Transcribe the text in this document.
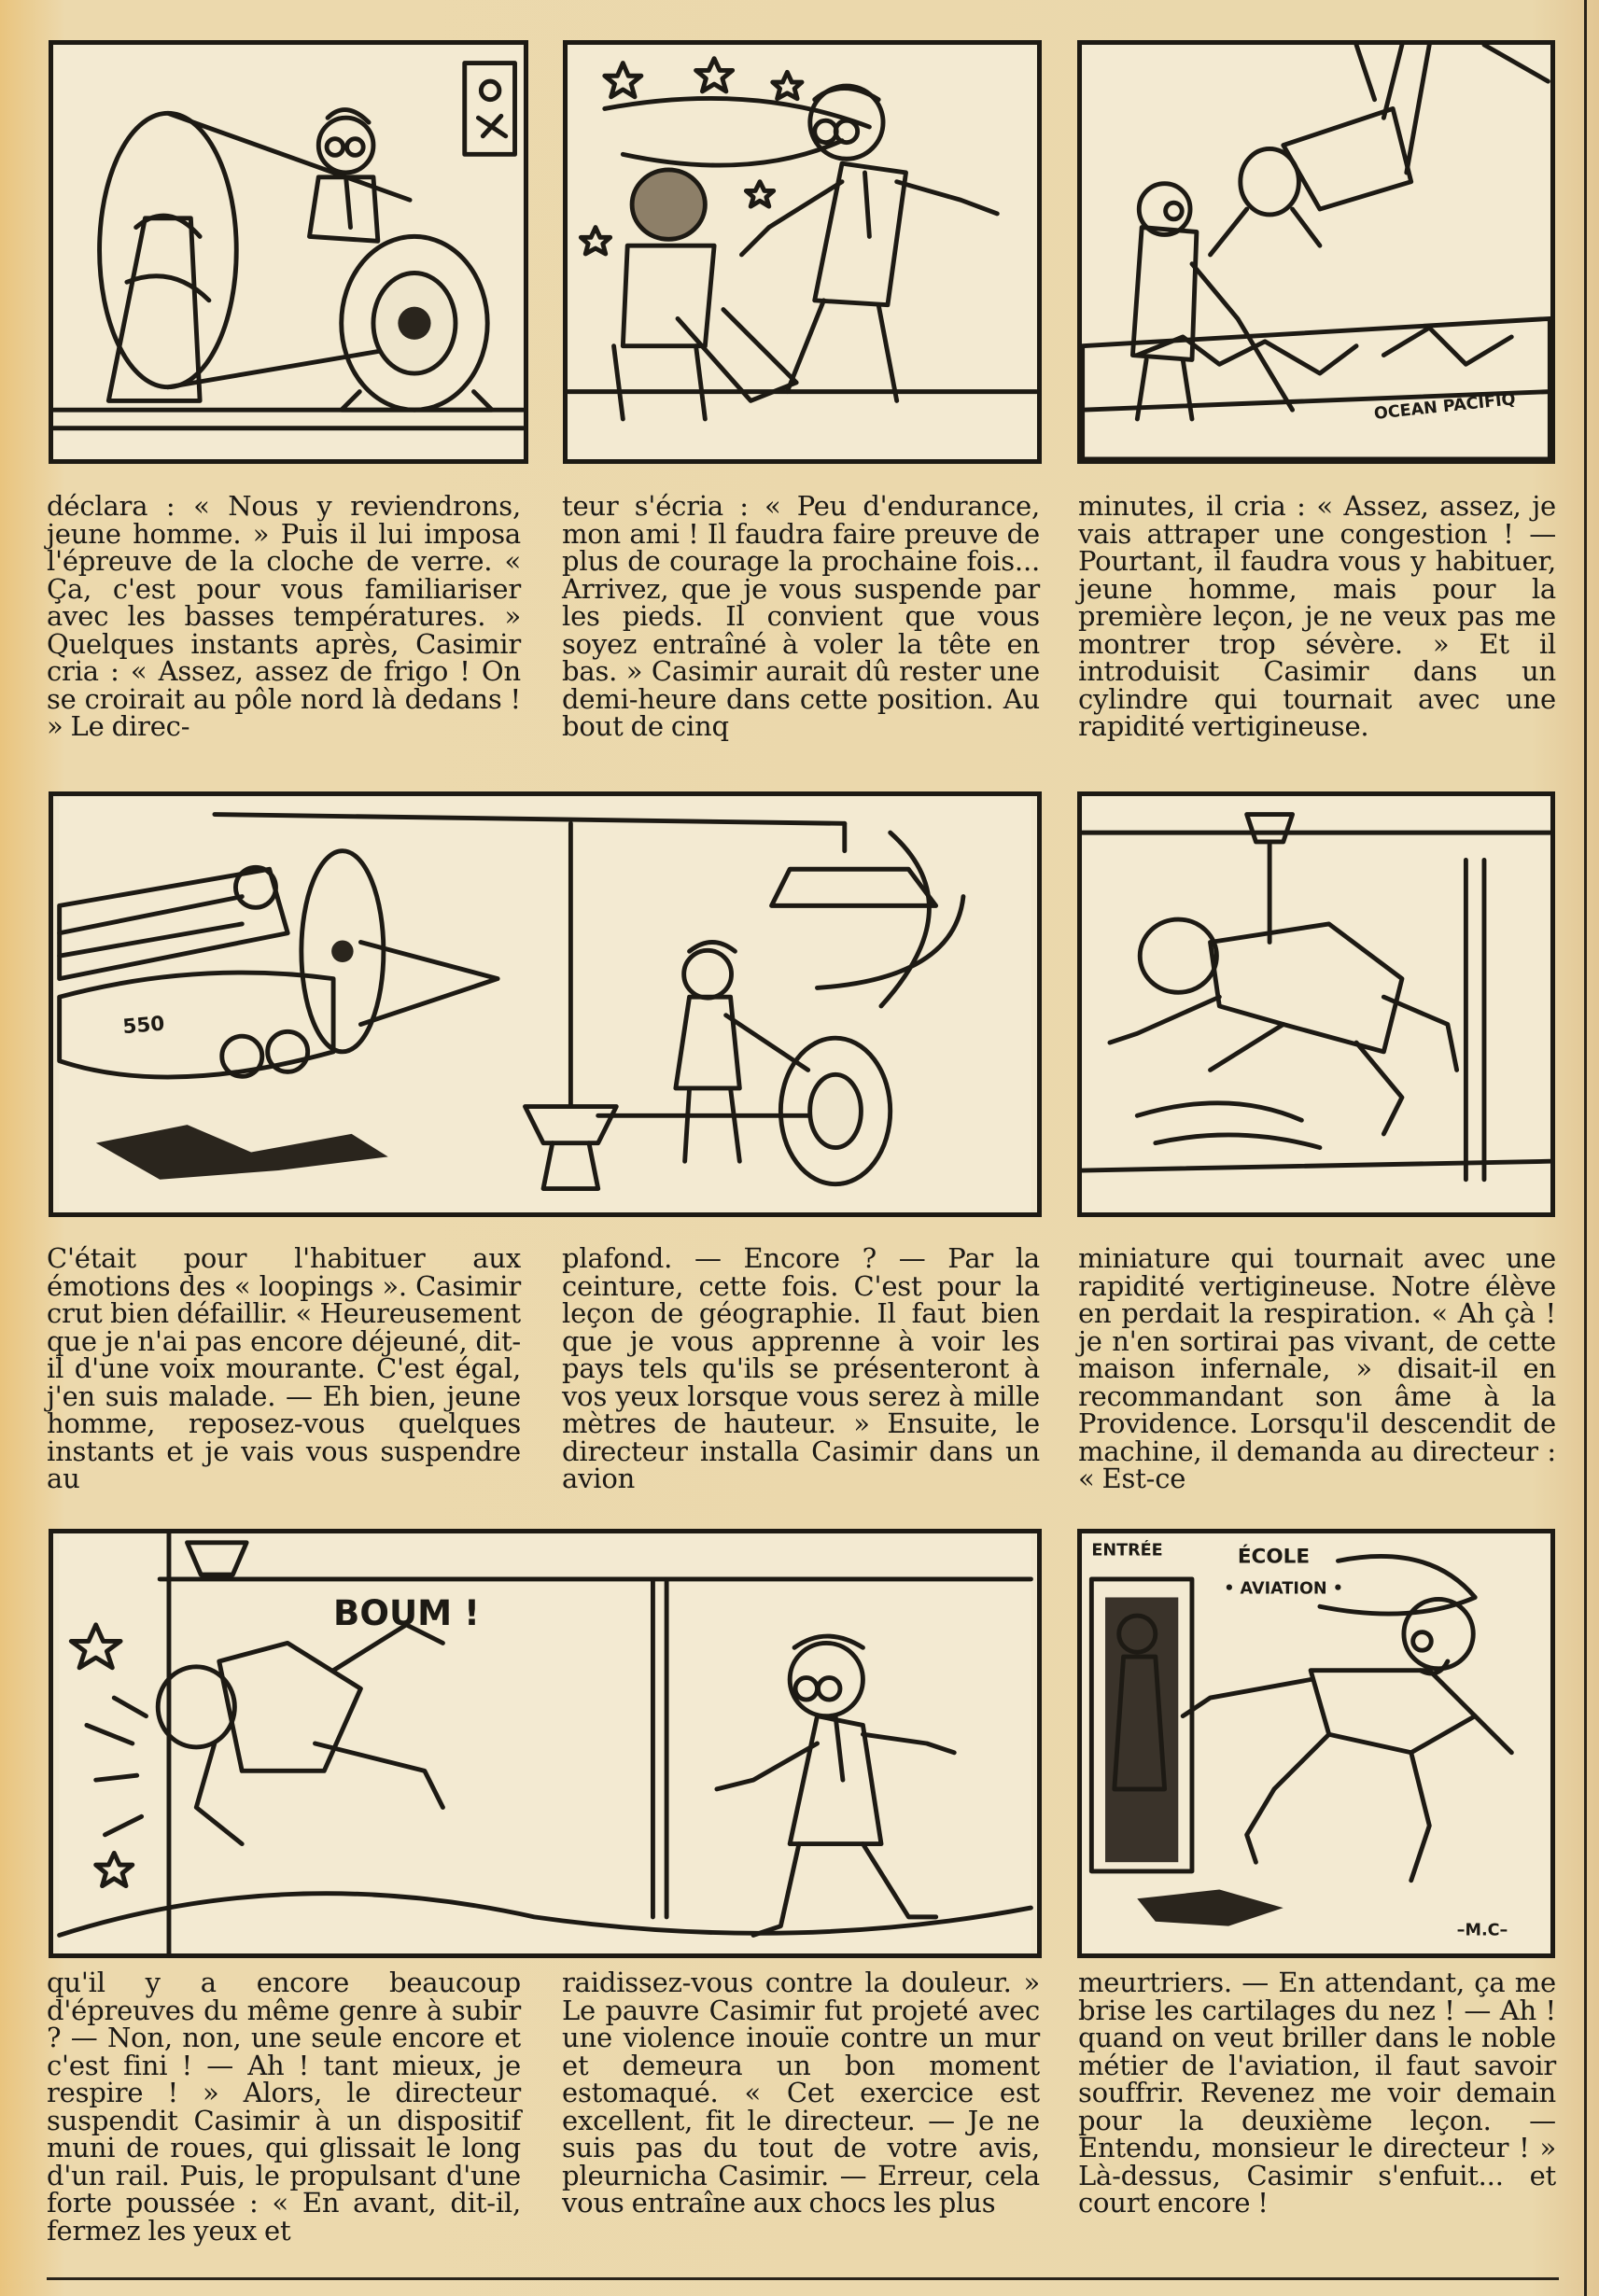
OCEAN PACIFIQ
déclara : « Nous y reviendrons, jeune homme. » Puis il lui imposa l'épreuve de la cloche de verre. « Ça, c'est pour vous familiariser avec les basses températures. » Quelques instants après, Casimir cria : « Assez, assez de frigo ! On se croirait au pôle nord là dedans ! » Le direc-
teur s'écria : « Peu d'endurance, mon ami ! Il faudra faire preuve de plus de courage la prochaine fois... Arrivez, que je vous suspende par les pieds. Il convient que vous soyez entraîné à voler la tête en bas. » Casimir aurait dû rester une demi-heure dans cette position. Au bout de cinq
minutes, il cria : « Assez, assez, je vais attraper une congestion ! — Pourtant, il faudra vous y habituer, jeune homme, mais pour la première leçon, je ne veux pas me montrer trop sévère. » Et il introduisit Casimir dans un cylindre qui tournait avec une rapidité vertigineuse.
550
C'était pour l'habituer aux émotions des « loopings ». Casimir crut bien défaillir. « Heureusement que je n'ai pas encore déjeuné, dit-il d'une voix mourante. C'est égal, j'en suis malade. — Eh bien, jeune homme, reposez-vous quelques instants et je vais vous suspendre au
plafond. — Encore ? — Par la ceinture, cette fois. C'est pour la leçon de géographie. Il faut bien que je vous apprenne à voir les pays tels qu'ils se présenteront à vos yeux lorsque vous serez à mille mètres de hauteur. » Ensuite, le directeur installa Casimir dans un avion
miniature qui tournait avec une rapidité vertigineuse. Notre élève en perdait la respiration. « Ah çà ! je n'en sortirai pas vivant, de cette maison infernale, » disait-il en recommandant son âme à la Providence. Lorsqu'il descendit de machine, il demanda au directeur : « Est-ce
BOUM !
ENTRÉE	ÉCOLE
• AVIATION •
–M.C–
qu'il y a encore beaucoup d'épreuves du même genre à subir ? — Non, non, une seule encore et c'est fini ! — Ah ! tant mieux, je respire ! » Alors, le directeur suspendit Casimir à un dispositif muni de roues, qui glissait le long d'un rail. Puis, le propulsant d'une forte poussée : « En avant, dit-il, fermez les yeux et
raidissez-vous contre la douleur. » Le pauvre Casimir fut projeté avec une violence inouïe contre un mur et demeura un bon moment estomaqué. « Cet exercice est excellent, fit le directeur. — Je ne suis pas du tout de votre avis, pleurnicha Casimir. — Erreur, cela vous entraîne aux chocs les plus
meurtriers. — En attendant, ça me brise les cartilages du nez ! — Ah ! quand on veut briller dans le noble métier de l'aviation, il faut savoir souffrir. Revenez me voir demain pour la deuxième leçon. — Entendu, monsieur le directeur ! » Là-dessus, Casimir s'enfuit... et court encore !
